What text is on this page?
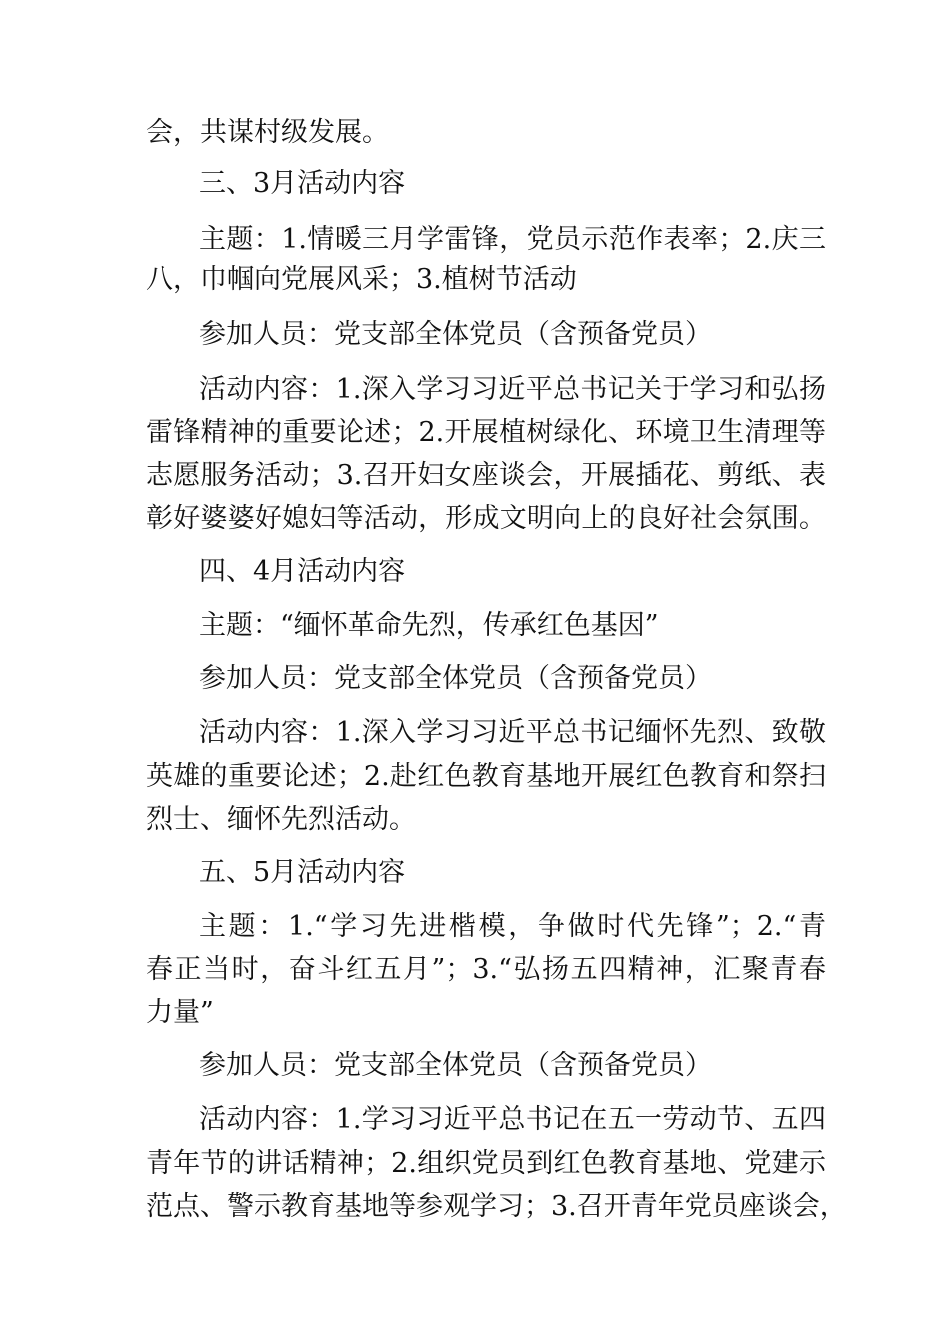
会，共谋村级发展。
三、3月活动内容
主题：1.情暖三月学雷锋，党员示范作表率；2.庆三
八，巾帼向党展风采；3.植树节活动
参加人员：党支部全体党员（含预备党员）
活动内容：1.深入学习习近平总书记关于学习和弘扬
雷锋精神的重要论述；2.开展植树绿化、环境卫生清理等
志愿服务活动；3.召开妇女座谈会，开展插花、剪纸、表
彰好婆婆好媳妇等活动，形成文明向上的良好社会氛围。
四、4月活动内容
主题：“缅怀革命先烈，传承红色基因”
参加人员：党支部全体党员（含预备党员）
活动内容：1.深入学习习近平总书记缅怀先烈、致敬
英雄的重要论述；2.赴红色教育基地开展红色教育和祭扫
烈士、缅怀先烈活动。
五、5月活动内容
主题：1.“学习先进楷模，争做时代先锋”；2.“青
春正当时，奋斗红五月”；3.“弘扬五四精神，汇聚青春
力量”
参加人员：党支部全体党员（含预备党员）
活动内容：1.学习习近平总书记在五一劳动节、五四
青年节的讲话精神；2.组织党员到红色教育基地、党建示
范点、警示教育基地等参观学习；3.召开青年党员座谈会，
